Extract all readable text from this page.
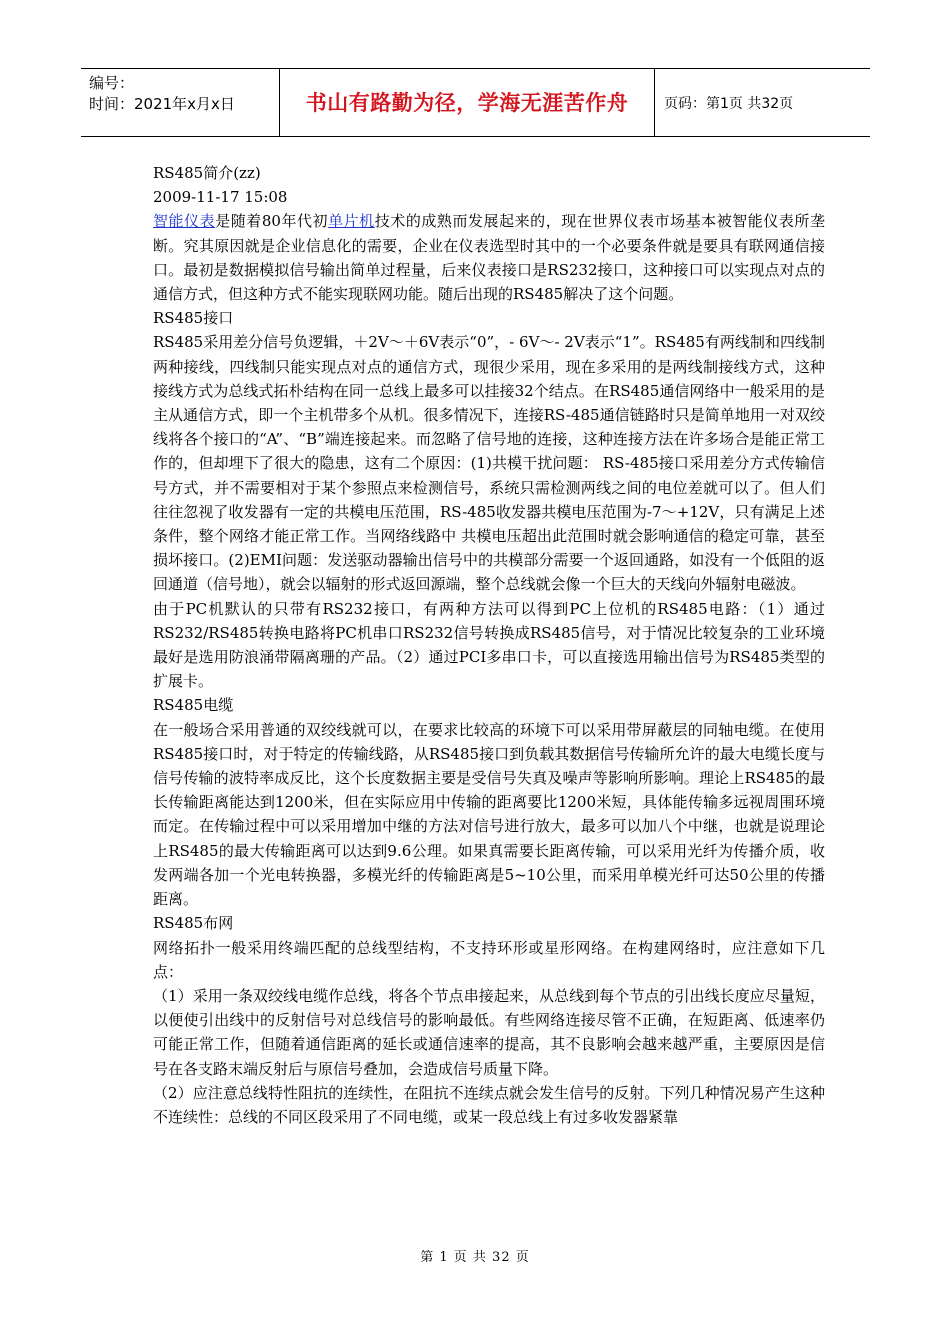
编号：
时间：2021年x月x日	书山有路勤为径，学海无涯苦作舟	页码：第1页 共32页

RS485简介(zz)

2009-11-17 15:08

智能仪表是随着80年代初单片机技术的成熟而发展起来的，现在世界仪表市场基本被智能仪表所垄断。究其原因就是企业信息化的需要，企业在仪表选型时其中的一个必要条件就是要具有联网通信接口。最初是数据模拟信号输出简单过程量，后来仪表接口是RS232接口，这种接口可以实现点对点的通信方式，但这种方式不能实现联网功能。随后出现的RS485解决了这个问题。

RS485接口

RS485采用差分信号负逻辑，＋2V～＋6V表示“0”，- 6V～- 2V表示“1”。RS485有两线制和四线制两种接线，四线制只能实现点对点的通信方式，现很少采用，现在多采用的是两线制接线方式，这种接线方式为总线式拓朴结构在同一总线上最多可以挂接32个结点。在RS485通信网络中一般采用的是主从通信方式，即一个主机带多个从机。很多情况下，连接RS-485通信链路时只是简单地用一对双绞线将各个接口的“A”、“B”端连接起来。而忽略了信号地的连接，这种连接方法在许多场合是能正常工作的，但却埋下了很大的隐患，这有二个原因：(1)共模干扰问题： RS-485接口采用差分方式传输信号方式，并不需要相对于某个参照点来检测信号，系统只需检测两线之间的电位差就可以了。但人们往往忽视了收发器有一定的共模电压范围，RS-485收发器共模电压范围为-7～+12V，只有满足上述条件，整个网络才能正常工作。当网络线路中 共模电压超出此范围时就会影响通信的稳定可靠，甚至损坏接口。(2)EMI问题：发送驱动器输出信号中的共模部分需要一个返回通路，如没有一个低阻的返回通道（信号地），就会以辐射的形式返回源端，整个总线就会像一个巨大的天线向外辐射电磁波。

由于PC机默认的只带有RS232接口，有两种方法可以得到PC上位机的RS485电路：（1）通过RS232/RS485转换电路将PC机串口RS232信号转换成RS485信号，对于情况比较复杂的工业环境最好是选用防浪涌带隔离珊的产品。（2）通过PCI多串口卡，可以直接选用输出信号为RS485类型的扩展卡。

RS485电缆

在一般场合采用普通的双绞线就可以，在要求比较高的环境下可以采用带屏蔽层的同轴电缆。在使用RS485接口时，对于特定的传输线路，从RS485接口到负载其数据信号传输所允许的最大电缆长度与信号传输的波特率成反比，这个长度数据主要是受信号失真及噪声等影响所影响。理论上RS485的最长传输距离能达到1200米，但在实际应用中传输的距离要比1200米短，具体能传输多远视周围环境而定。在传输过程中可以采用增加中继的方法对信号进行放大，最多可以加八个中继，也就是说理论上RS485的最大传输距离可以达到9.6公理。如果真需要长距离传输，可以采用光纤为传播介质，收发两端各加一个光电转换器，多模光纤的传输距离是5~10公里，而采用单模光纤可达50公里的传播距离。

RS485布网

网络拓扑一般采用终端匹配的总线型结构，不支持环形或星形网络。在构建网络时，应注意如下几点：

（1）采用一条双绞线电缆作总线，将各个节点串接起来，从总线到每个节点的引出线长度应尽量短，以便使引出线中的反射信号对总线信号的影响最低。有些网络连接尽管不正确，在短距离、低速率仍可能正常工作，但随着通信距离的延长或通信速率的提高，其不良影响会越来越严重，主要原因是信号在各支路末端反射后与原信号叠加，会造成信号质量下降。

（2）应注意总线特性阻抗的连续性，在阻抗不连续点就会发生信号的反射。下列几种情况易产生这种不连续性：总线的不同区段采用了不同电缆，或某一段总线上有过多收发器紧靠

第 1 页 共 32 页
